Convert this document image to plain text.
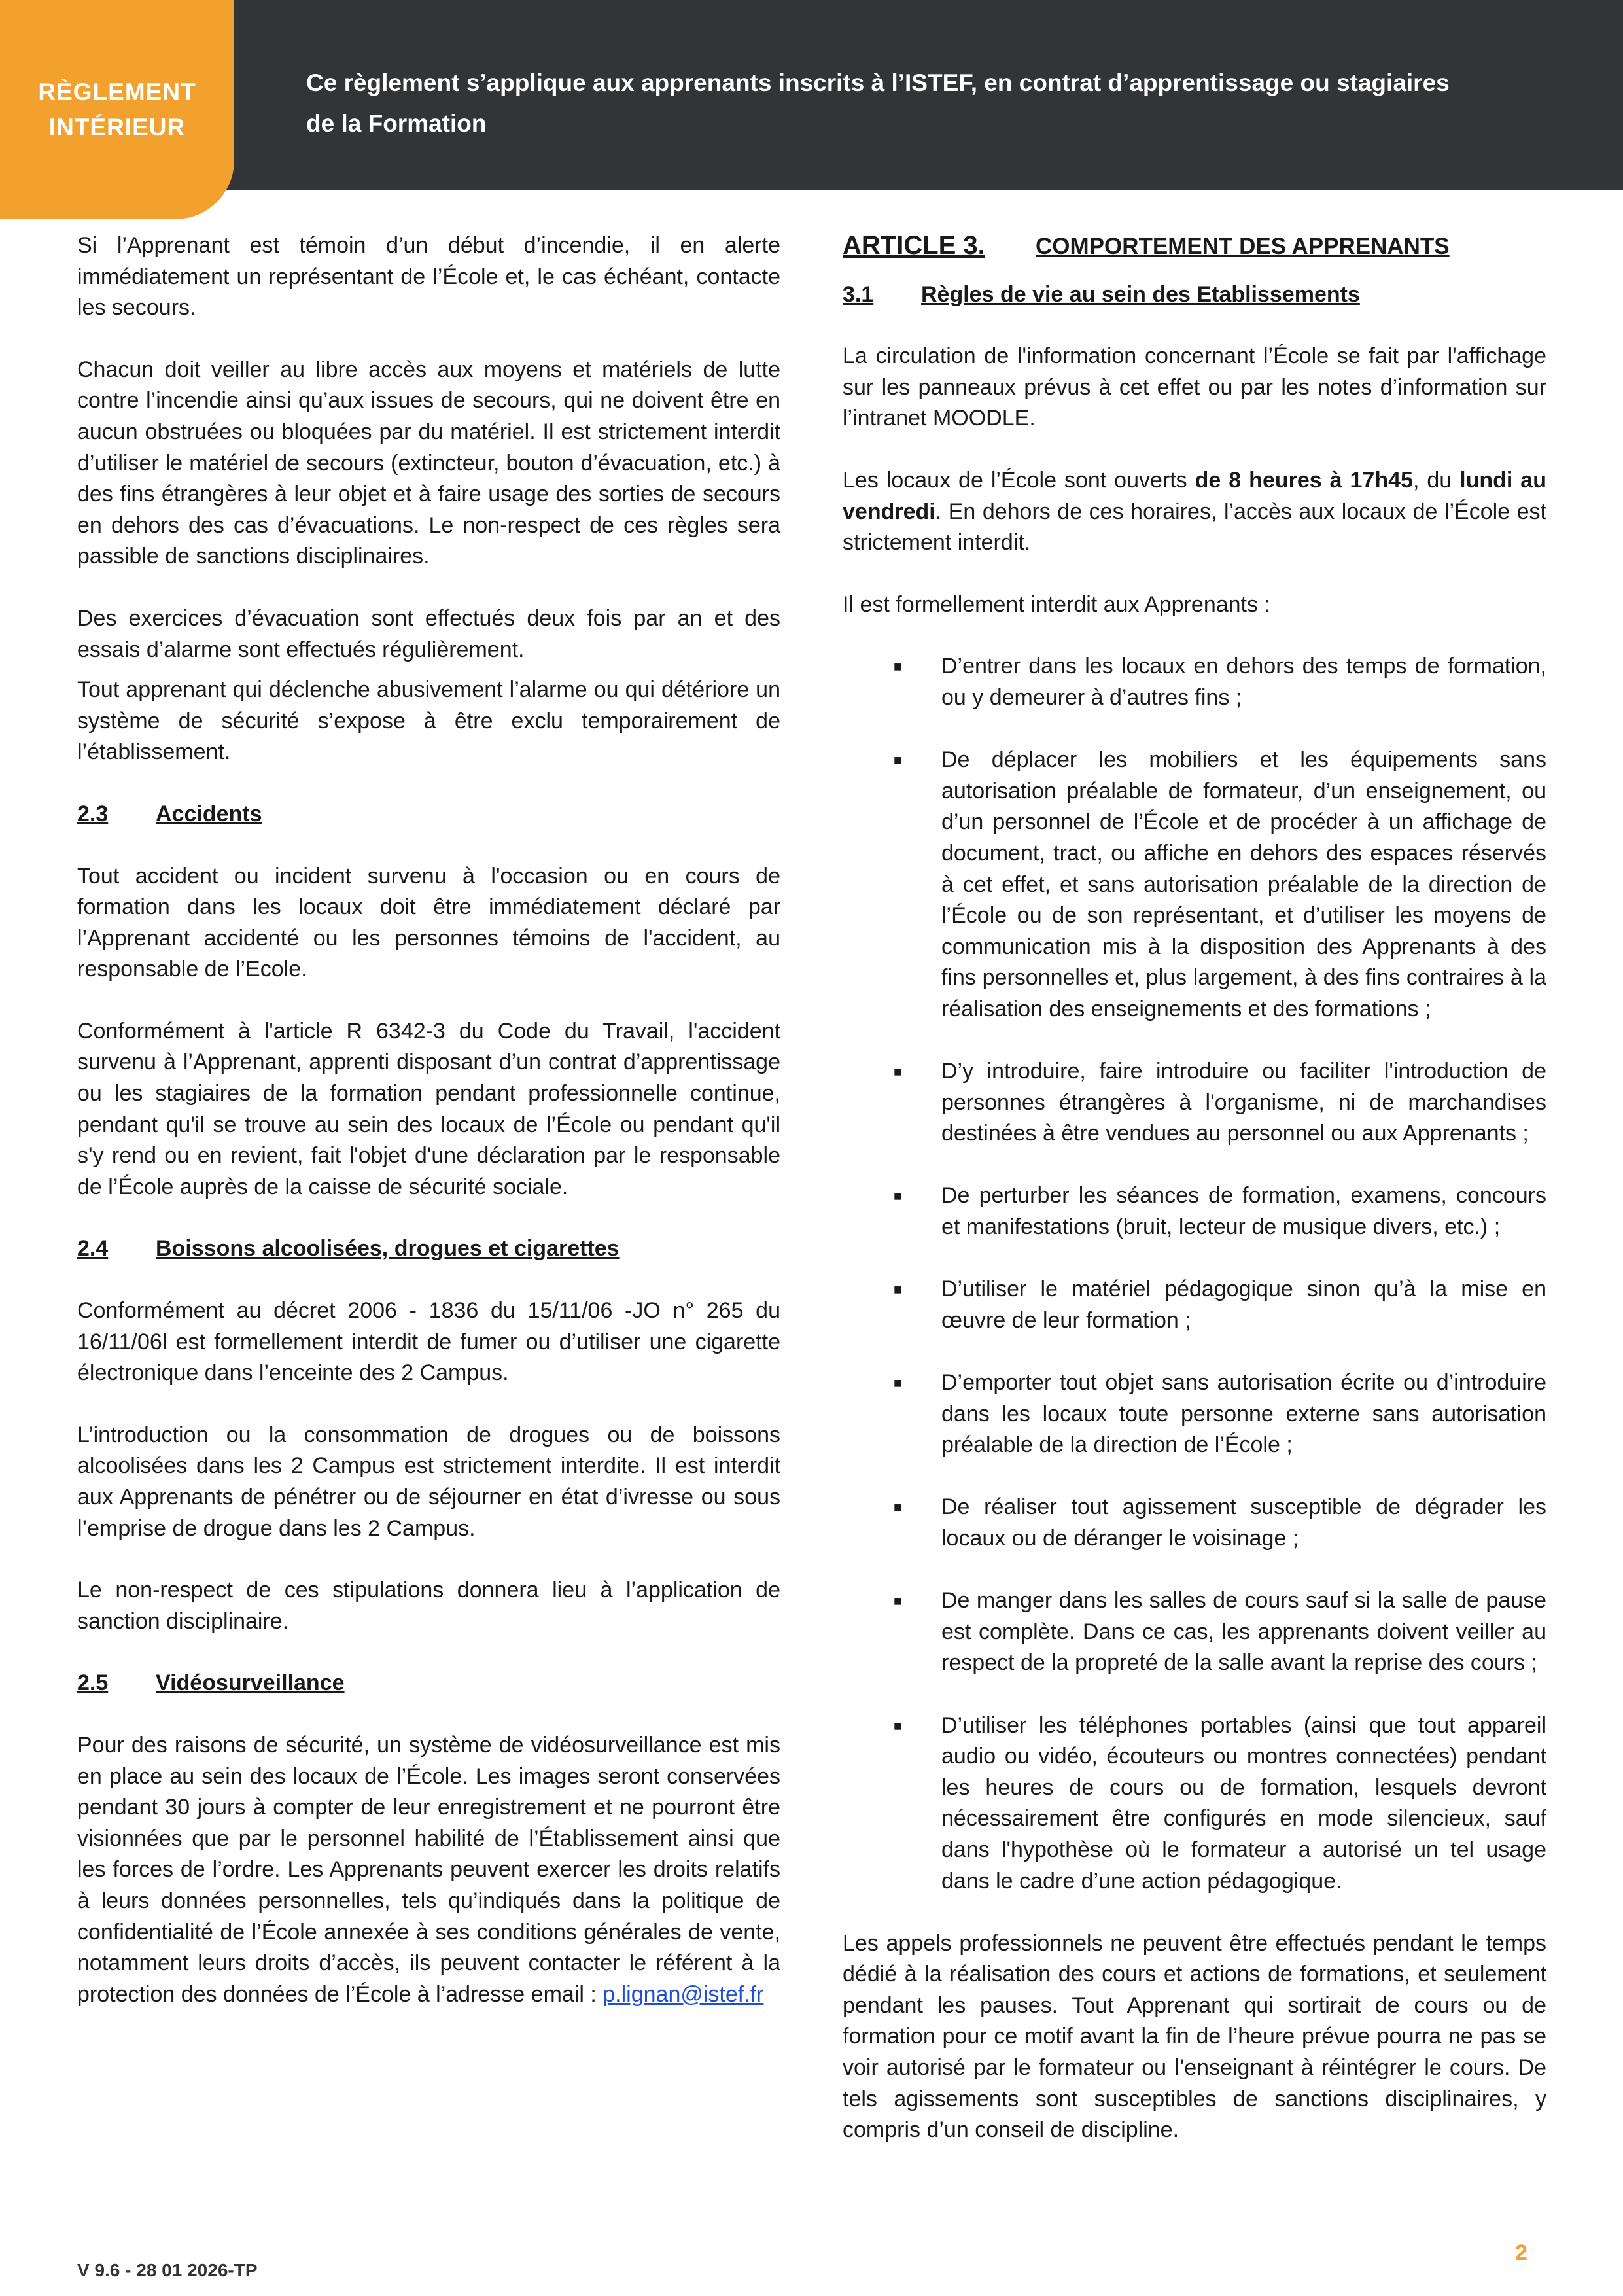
RÈGLEMENT
INTÉRIEUR
Ce règlement s’applique aux apprenants inscrits à l’ISTEF, en contrat d’apprentissage ou stagiaires
de la Formation

Si l’Apprenant est témoin d’un début d’incendie, il en alerte immédiatement un représentant de l’École et, le cas échéant, contacte les secours.

Chacun doit veiller au libre accès aux moyens et matériels de lutte contre l’incendie ainsi qu’aux issues de secours, qui ne doivent être en aucun obstruées ou bloquées par du matériel. Il est strictement interdit d’utiliser le matériel de secours (extincteur, bouton d’évacuation, etc.) à des fins étrangères à leur objet et à faire usage des sorties de secours en dehors des cas d’évacuations. Le non-respect de ces règles sera passible de sanctions disciplinaires.

Des exercices d’évacuation sont effectués deux fois par an et des essais d’alarme sont effectués régulièrement.

Tout apprenant qui déclenche abusivement l’alarme ou qui détériore un système de sécurité s’expose à être exclu temporairement de l’établissement.

2.3	Accidents

Tout accident ou incident survenu à l'occasion ou en cours de formation dans les locaux doit être immédiatement déclaré par l’Apprenant accidenté ou les personnes témoins de l'accident, au responsable de l’Ecole.

Conformément à l'article R 6342-3 du Code du Travail, l'accident survenu à l’Apprenant, apprenti disposant d’un contrat d’apprentissage ou les stagiaires de la formation pendant professionnelle continue, pendant qu'il se trouve au sein des locaux de l’École ou pendant qu'il s'y rend ou en revient, fait l'objet d'une déclaration par le responsable de l’École auprès de la caisse de sécurité sociale.

2.4	Boissons alcoolisées, drogues et cigarettes

Conformément au décret 2006 - 1836 du 15/11/06 -JO n° 265 du 16/11/06l est formellement interdit de fumer ou d’utiliser une cigarette électronique dans l’enceinte des 2 Campus.

L’introduction ou la consommation de drogues ou de boissons alcoolisées dans les 2 Campus est strictement interdite. Il est interdit aux Apprenants de pénétrer ou de séjourner en état d’ivresse ou sous l’emprise de drogue dans les 2 Campus.

Le non-respect de ces stipulations donnera lieu à l’application de sanction disciplinaire.

2.5	Vidéosurveillance

Pour des raisons de sécurité, un système de vidéosurveillance est mis en place au sein des locaux de l’École. Les images seront conservées pendant 30 jours à compter de leur enregistrement et ne pourront être visionnées que par le personnel habilité de l’Établissement ainsi que les forces de l’ordre. Les Apprenants peuvent exercer les droits relatifs à leurs données personnelles, tels qu’indiqués dans la politique de confidentialité de l’École annexée à ses conditions générales de vente, notamment leurs droits d’accès, ils peuvent contacter le référent à la protection des données de l’École à l’adresse email : p.lignan@istef.fr

ARTICLE 3.	COMPORTEMENT DES APPRENANTS

3.1	Règles de vie au sein des Etablissements

La circulation de l'information concernant l’École se fait par l'affichage sur les panneaux prévus à cet effet ou par les notes d’information sur l’intranet MOODLE.

Les locaux de l’École sont ouverts de 8 heures à 17h45, du lundi au vendredi. En dehors de ces horaires, l’accès aux locaux de l’École est strictement interdit.

Il est formellement interdit aux Apprenants :

■ D’entrer dans les locaux en dehors des temps de formation, ou y demeurer à d’autres fins ;
■ De déplacer les mobiliers et les équipements sans autorisation préalable de formateur, d’un enseignement, ou d’un personnel de l’École et de procéder à un affichage de document, tract, ou affiche en dehors des espaces réservés à cet effet, et sans autorisation préalable de la direction de l’École ou de son représentant, et d’utiliser les moyens de communication mis à la disposition des Apprenants à des fins personnelles et, plus largement, à des fins contraires à la réalisation des enseignements et des formations ;
■ D’y introduire, faire introduire ou faciliter l'introduction de personnes étrangères à l'organisme, ni de marchandises destinées à être vendues au personnel ou aux Apprenants ;
■ De perturber les séances de formation, examens, concours et manifestations (bruit, lecteur de musique divers, etc.) ;
■ D’utiliser le matériel pédagogique sinon qu’à la mise en œuvre de leur formation ;
■ D’emporter tout objet sans autorisation écrite ou d’introduire dans les locaux toute personne externe sans autorisation préalable de la direction de l’École ;
■ De réaliser tout agissement susceptible de dégrader les locaux ou de déranger le voisinage ;
■ De manger dans les salles de cours sauf si la salle de pause est complète. Dans ce cas, les apprenants doivent veiller au respect de la propreté de la salle avant la reprise des cours ;
■ D’utiliser les téléphones portables (ainsi que tout appareil audio ou vidéo, écouteurs ou montres connectées) pendant les heures de cours ou de formation, lesquels devront nécessairement être configurés en mode silencieux, sauf dans l'hypothèse où le formateur a autorisé un tel usage dans le cadre d’une action pédagogique.

Les appels professionnels ne peuvent être effectués pendant le temps dédié à la réalisation des cours et actions de formations, et seulement pendant les pauses. Tout Apprenant qui sortirait de cours ou de formation pour ce motif avant la fin de l’heure prévue pourra ne pas se voir autorisé par le formateur ou l’enseignant à réintégrer le cours. De tels agissements sont susceptibles de sanctions disciplinaires, y compris d’un conseil de discipline.

V 9.6 - 28 01 2026-TP
2
